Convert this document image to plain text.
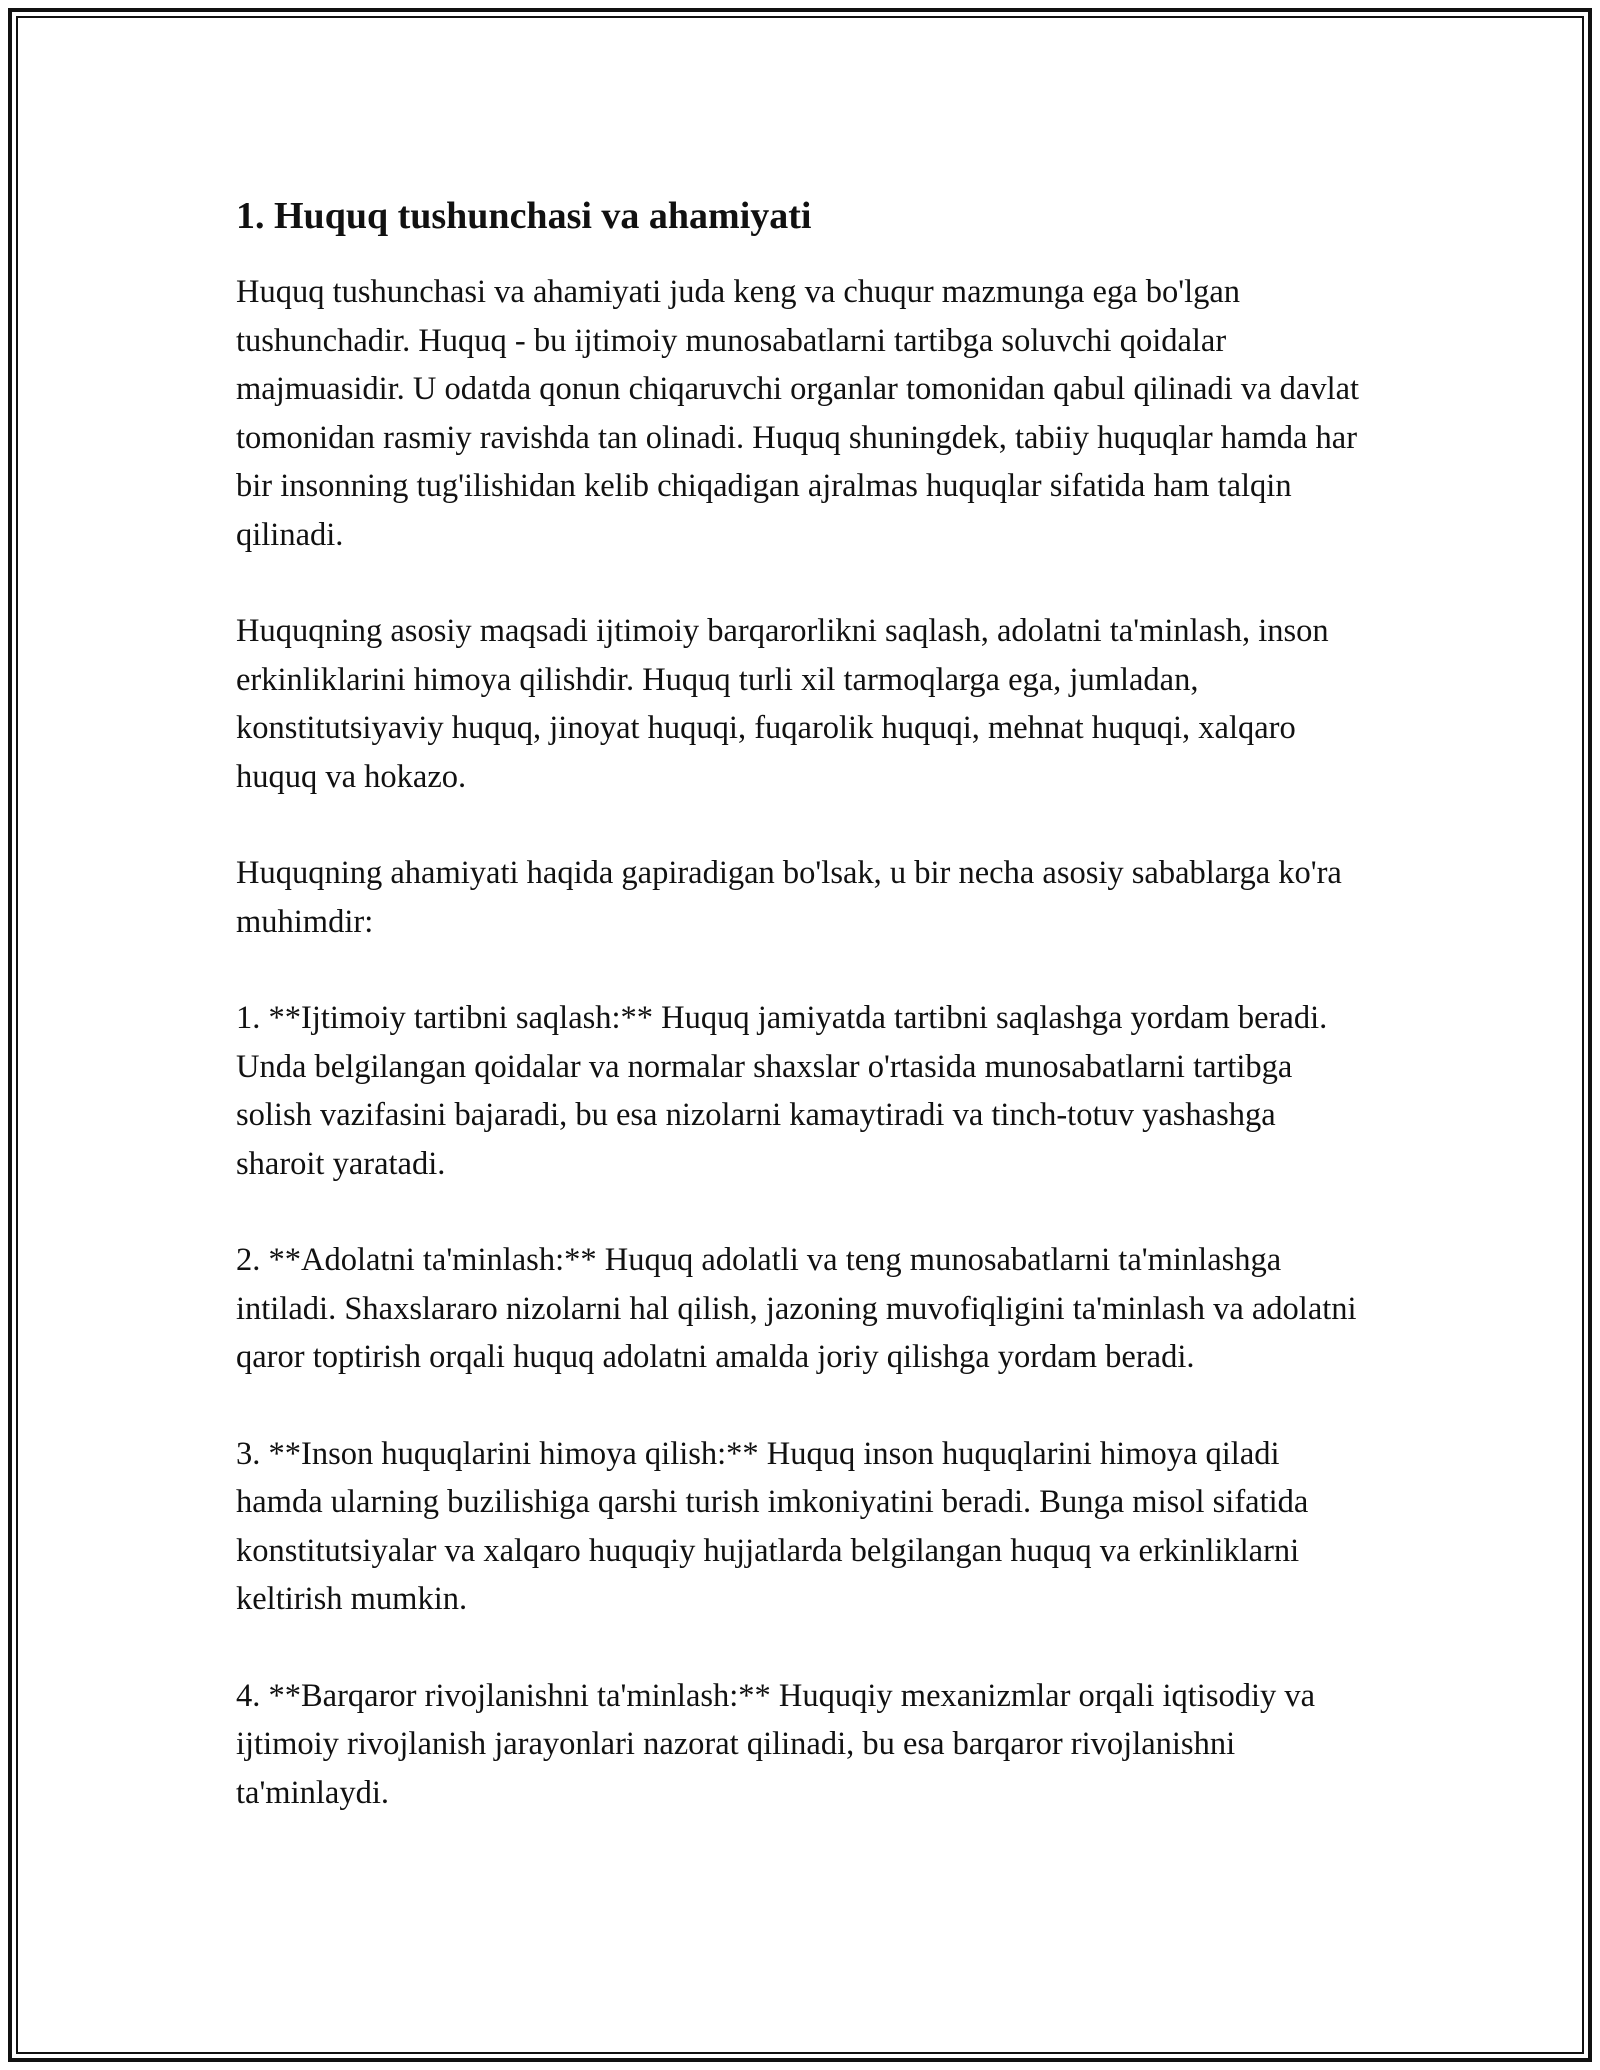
1. Huquq tushunchasi va ahamiyati

Huquq tushunchasi va ahamiyati juda keng va chuqur mazmunga ega bo'lgan tushunchadir. Huquq - bu ijtimoiy munosabatlarni tartibga soluvchi qoidalar majmuasidir. U odatda qonun chiqaruvchi organlar tomonidan qabul qilinadi va davlat tomonidan rasmiy ravishda tan olinadi. Huquq shuningdek, tabiiy huquqlar hamda har bir insonning tug'ilishidan kelib chiqadigan ajralmas huquqlar sifatida ham talqin qilinadi.

Huquqning asosiy maqsadi ijtimoiy barqarorlikni saqlash, adolatni ta'minlash, inson erkinliklarini himoya qilishdir. Huquq turli xil tarmoqlarga ega, jumladan, konstitutsiyaviy huquq, jinoyat huquqi, fuqarolik huquqi, mehnat huquqi, xalqaro huquq va hokazo.

Huquqning ahamiyati haqida gapiradigan bo'lsak, u bir necha asosiy sabablarga ko'ra muhimdir:

1. **Ijtimoiy tartibni saqlash:** Huquq jamiyatda tartibni saqlashga yordam beradi. Unda belgilangan qoidalar va normalar shaxslar o'rtasida munosabatlarni tartibga solish vazifasini bajaradi, bu esa nizolarni kamaytiradi va tinch-totuv yashashga sharoit yaratadi.

2. **Adolatni ta'minlash:** Huquq adolatli va teng munosabatlarni ta'minlashga intiladi. Shaxslararo nizolarni hal qilish, jazoning muvofiqligini ta'minlash va adolatni qaror toptirish orqali huquq adolatni amalda joriy qilishga yordam beradi.

3. **Inson huquqlarini himoya qilish:** Huquq inson huquqlarini himoya qiladi hamda ularning buzilishiga qarshi turish imkoniyatini beradi. Bunga misol sifatida konstitutsiyalar va xalqaro huquqiy hujjatlarda belgilangan huquq va erkinliklarni keltirish mumkin.

4. **Barqaror rivojlanishni ta'minlash:** Huquqiy mexanizmlar orqali iqtisodiy va ijtimoiy rivojlanish jarayonlari nazorat qilinadi, bu esa barqaror rivojlanishni ta'minlaydi.
